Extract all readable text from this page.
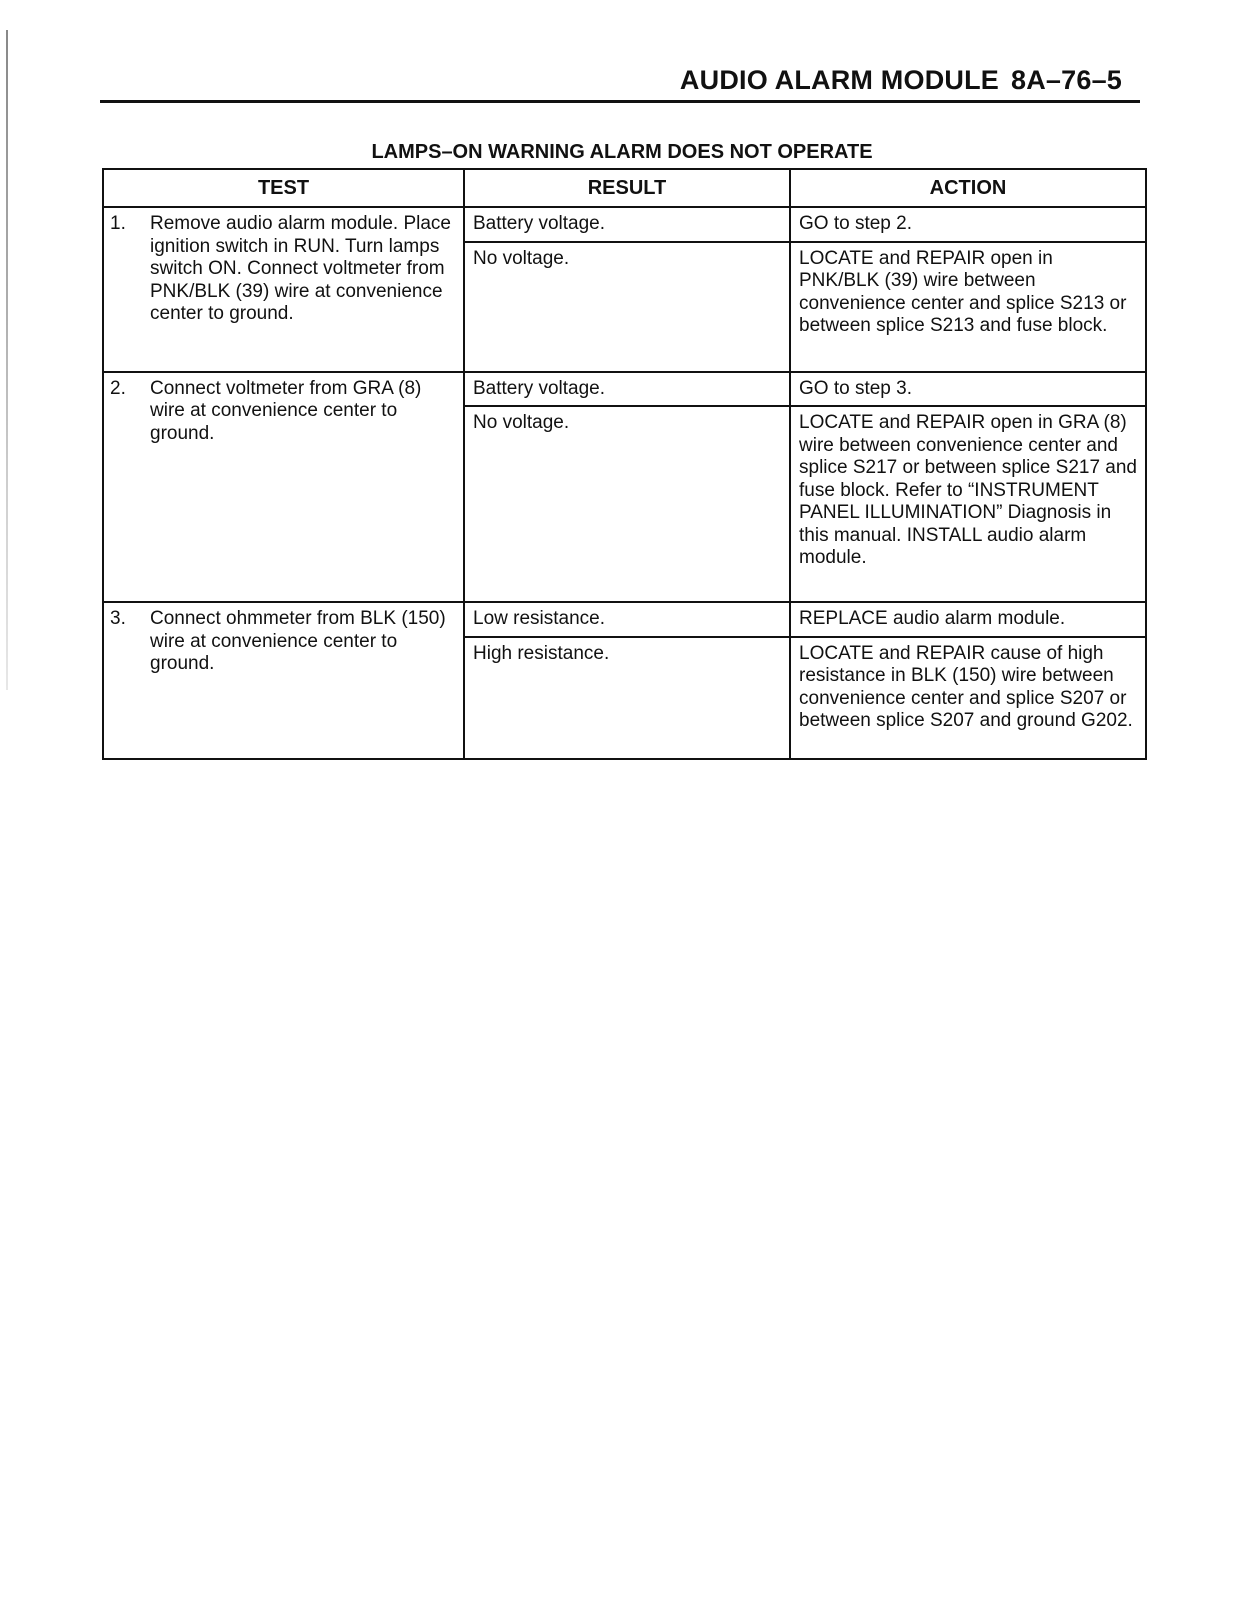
AUDIO ALARM MODULE 8A–76–5
LAMPS–ON WARNING ALARM DOES NOT OPERATE
TEST	RESULT	ACTION

1. Remove audio alarm module. Place ignition switch in RUN. Turn lamps switch ON. Connect voltmeter from PNK/BLK (39) wire at convenience center to ground.	Battery voltage.	GO to step 2.
	No voltage.	LOCATE and REPAIR open in PNK/BLK (39) wire between convenience center and splice S213 or between splice S213 and fuse block.

2. Connect voltmeter from GRA (8) wire at convenience center to ground.	Battery voltage.	GO to step 3.
	No voltage.	LOCATE and REPAIR open in GRA (8) wire between convenience center and splice S217 or between splice S217 and fuse block. Refer to “INSTRUMENT PANEL ILLUMINATION” Diagnosis in this manual. INSTALL audio alarm module.

3. Connect ohmmeter from BLK (150) wire at convenience center to ground.	Low resistance.	REPLACE audio alarm module.
	High resistance.	LOCATE and REPAIR cause of high resistance in BLK (150) wire between convenience center and splice S207 or between splice S207 and ground G202.
